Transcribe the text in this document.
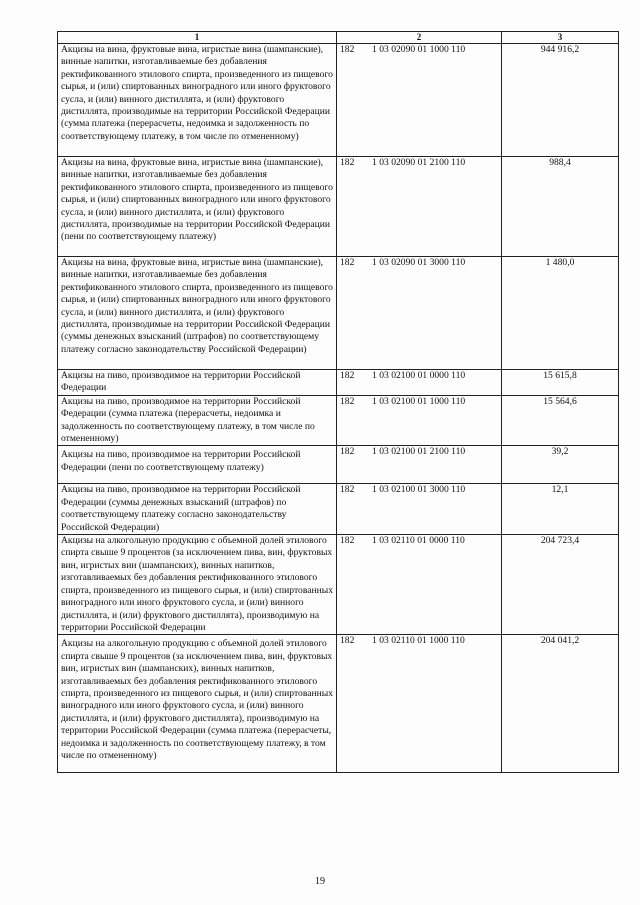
1	2	3
Акцизы на вина, фруктовые вина, игристые вина (шампанские), винные напитки, изготавливаемые без добавления ректификованного этилового спирта, произведенного из пищевого сырья, и (или) спиртованных виноградного или иного фруктового сусла, и (или) винного дистиллята, и (или) фруктового дистиллята, производимые на территории Российской Федерации (сумма платежа (перерасчеты, недоимка и задолженность по соответствующему платежу, в том числе по отмененному)	182 1 03 02090 01 1000 110	944 916,2
Акцизы на вина, фруктовые вина, игристые вина (шампанские), винные напитки, изготавливаемые без добавления ректификованного этилового спирта, произведенного из пищевого сырья, и (или) спиртованных виноградного или иного фруктового сусла, и (или) винного дистиллята, и (или) фруктового дистиллята, производимые на территории Российской Федерации (пени по соответствующему платежу)	182 1 03 02090 01 2100 110	988,4
Акцизы на вина, фруктовые вина, игристые вина (шампанские), винные напитки, изготавливаемые без добавления ректификованного этилового спирта, произведенного из пищевого сырья, и (или) спиртованных виноградного или иного фруктового сусла, и (или) винного дистиллята, и (или) фруктового дистиллята, производимые на территории Российской Федерации (суммы денежных взысканий (штрафов) по соответствующему платежу согласно законодательству Российской Федерации)	182 1 03 02090 01 3000 110	1 480,0
Акцизы на пиво, производимое на территории Российской Федерации	182 1 03 02100 01 0000 110	15 615,8
Акцизы на пиво, производимое на территории Российской Федерации (сумма платежа (перерасчеты, недоимка и задолженность по соответствующему платежу, в том числе по отмененному)	182 1 03 02100 01 1000 110	15 564,6
Акцизы на пиво, производимое на территории Российской Федерации (пени по соответствующему платежу)	182 1 03 02100 01 2100 110	39,2
Акцизы на пиво, производимое на территории Российской Федерации (суммы денежных взысканий (штрафов) по соответствующему платежу согласно законодательству Российской Федерации)	182 1 03 02100 01 3000 110	12,1
Акцизы на алкогольную продукцию с объемной долей этилового спирта свыше 9 процентов (за исключением пива, вин, фруктовых вин, игристых вин (шампанских), винных напитков, изготавливаемых без добавления ректификованного этилового спирта, произведенного из пищевого сырья, и (или) спиртованных виноградного или иного фруктового сусла, и (или) винного дистиллята, и (или) фруктового дистиллята), производимую на территории Российской Федерации	182 1 03 02110 01 0000 110	204 723,4
Акцизы на алкогольную продукцию с объемной долей этилового спирта свыше 9 процентов (за исключением пива, вин, фруктовых вин, игристых вин (шампанских), винных напитков, изготавливаемых без добавления ректификованного этилового спирта, произведенного из пищевого сырья, и (или) спиртованных виноградного или иного фруктового сусла, и (или) винного дистиллята, и (или) фруктового дистиллята), производимую на территории Российской Федерации (сумма платежа (перерасчеты, недоимка и задолженность по соответствующему платежу, в том числе по отмененному)	182 1 03 02110 01 1000 110	204 041,2
19
